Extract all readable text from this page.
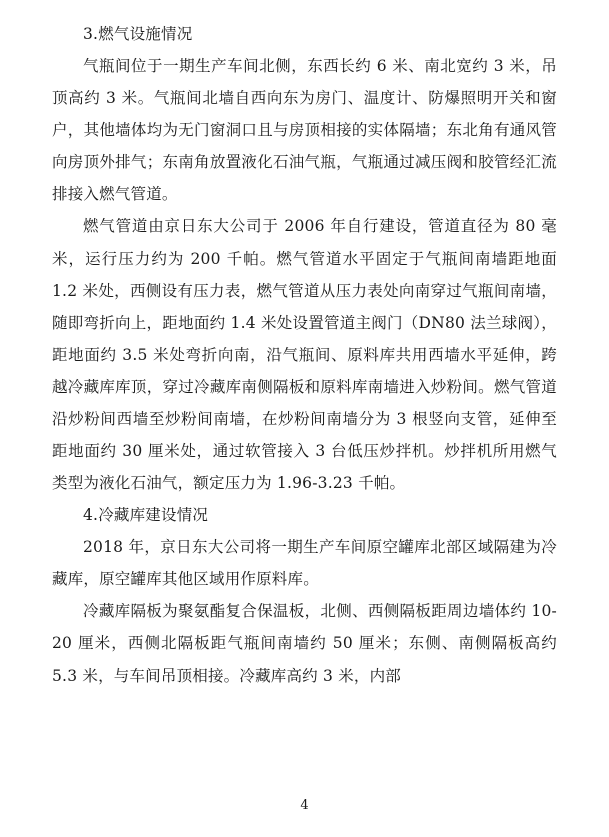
3.燃气设施情况

气瓶间位于一期生产车间北侧，东西长约 6 米、南北宽约 3 米，吊顶高约 3 米。气瓶间北墙自西向东为房门、温度计、防爆照明开关和窗户，其他墙体均为无门窗洞口且与房顶相接的实体隔墙；东北角有通风管向房顶外排气；东南角放置液化石油气瓶，气瓶通过减压阀和胶管经汇流排接入燃气管道。

燃气管道由京日东大公司于 2006 年自行建设，管道直径为 80 毫米，运行压力约为 200 千帕。燃气管道水平固定于气瓶间南墙距地面 1.2 米处，西侧设有压力表，燃气管道从压力表处向南穿过气瓶间南墙，随即弯折向上，距地面约 1.4 米处设置管道主阀门（DN80 法兰球阀），距地面约 3.5 米处弯折向南，沿气瓶间、原料库共用西墙水平延伸，跨越冷藏库库顶，穿过冷藏库南侧隔板和原料库南墙进入炒粉间。燃气管道沿炒粉间西墙至炒粉间南墙，在炒粉间南墙分为 3 根竖向支管，延伸至距地面约 30 厘米处，通过软管接入 3 台低压炒拌机。炒拌机所用燃气类型为液化石油气，额定压力为 1.96-3.23 千帕。

4.冷藏库建设情况

2018 年，京日东大公司将一期生产车间原空罐库北部区域隔建为冷藏库，原空罐库其他区域用作原料库。

冷藏库隔板为聚氨酯复合保温板，北侧、西侧隔板距周边墙体约 10-20 厘米，西侧北隔板距气瓶间南墙约 50 厘米；东侧、南侧隔板高约 5.3 米，与车间吊顶相接。冷藏库高约 3 米，内部

4
